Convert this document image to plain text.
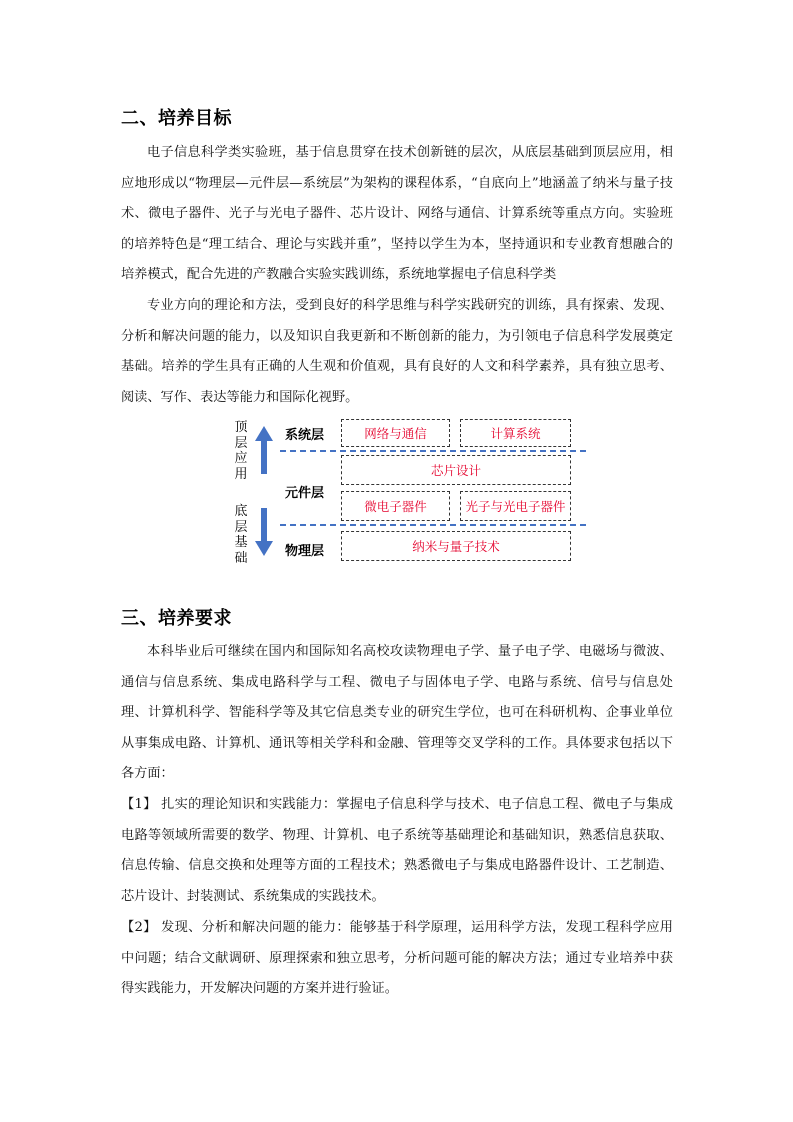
二、培养目标
电子信息科学类实验班，基于信息贯穿在技术创新链的层次，从底层基础到顶层应用，相应地形成以“物理层—元件层—系统层”为架构的课程体系，“自底向上”地涵盖了纳米与量子技术、微电子器件、光子与光电子器件、芯片设计、网络与通信、计算系统等重点方向。实验班的培养特色是“理工结合、理论与实践并重”，坚持以学生为本，坚持通识和专业教育想融合的培养模式，配合先进的产教融合实验实践训练，系统地掌握电子信息科学类
专业方向的理论和方法，受到良好的科学思维与科学实践研究的训练，具有探索、发现、分析和解决问题的能力，以及知识自我更新和不断创新的能力，为引领电子信息科学发展奠定基础。培养的学生具有正确的人生观和价值观，具有良好的人文和科学素养，具有独立思考、阅读、写作、表达等能力和国际化视野。
顶层应用
底层基础
系统层
元件层
物理层
网络与通信	计算系统
芯片设计
微电子器件	光子与光电子器件
纳米与量子技术
三、培养要求
本科毕业后可继续在国内和国际知名高校攻读物理电子学、量子电子学、电磁场与微波、通信与信息系统、集成电路科学与工程、微电子与固体电子学、电路与系统、信号与信息处理、计算机科学、智能科学等及其它信息类专业的研究生学位，也可在科研机构、企事业单位从事集成电路、计算机、通讯等相关学科和金融、管理等交叉学科的工作。具体要求包括以下各方面：
【1】 扎实的理论知识和实践能力：掌握电子信息科学与技术、电子信息工程、微电子与集成电路等领域所需要的数学、物理、计算机、电子系统等基础理论和基础知识，熟悉信息获取、信息传输、信息交换和处理等方面的工程技术；熟悉微电子与集成电路器件设计、工艺制造、芯片设计、封装测试、系统集成的实践技术。
【2】 发现、分析和解决问题的能力：能够基于科学原理，运用科学方法，发现工程科学应用中问题；结合文献调研、原理探索和独立思考，分析问题可能的解决方法；通过专业培养中获得实践能力，开发解决问题的方案并进行验证。
